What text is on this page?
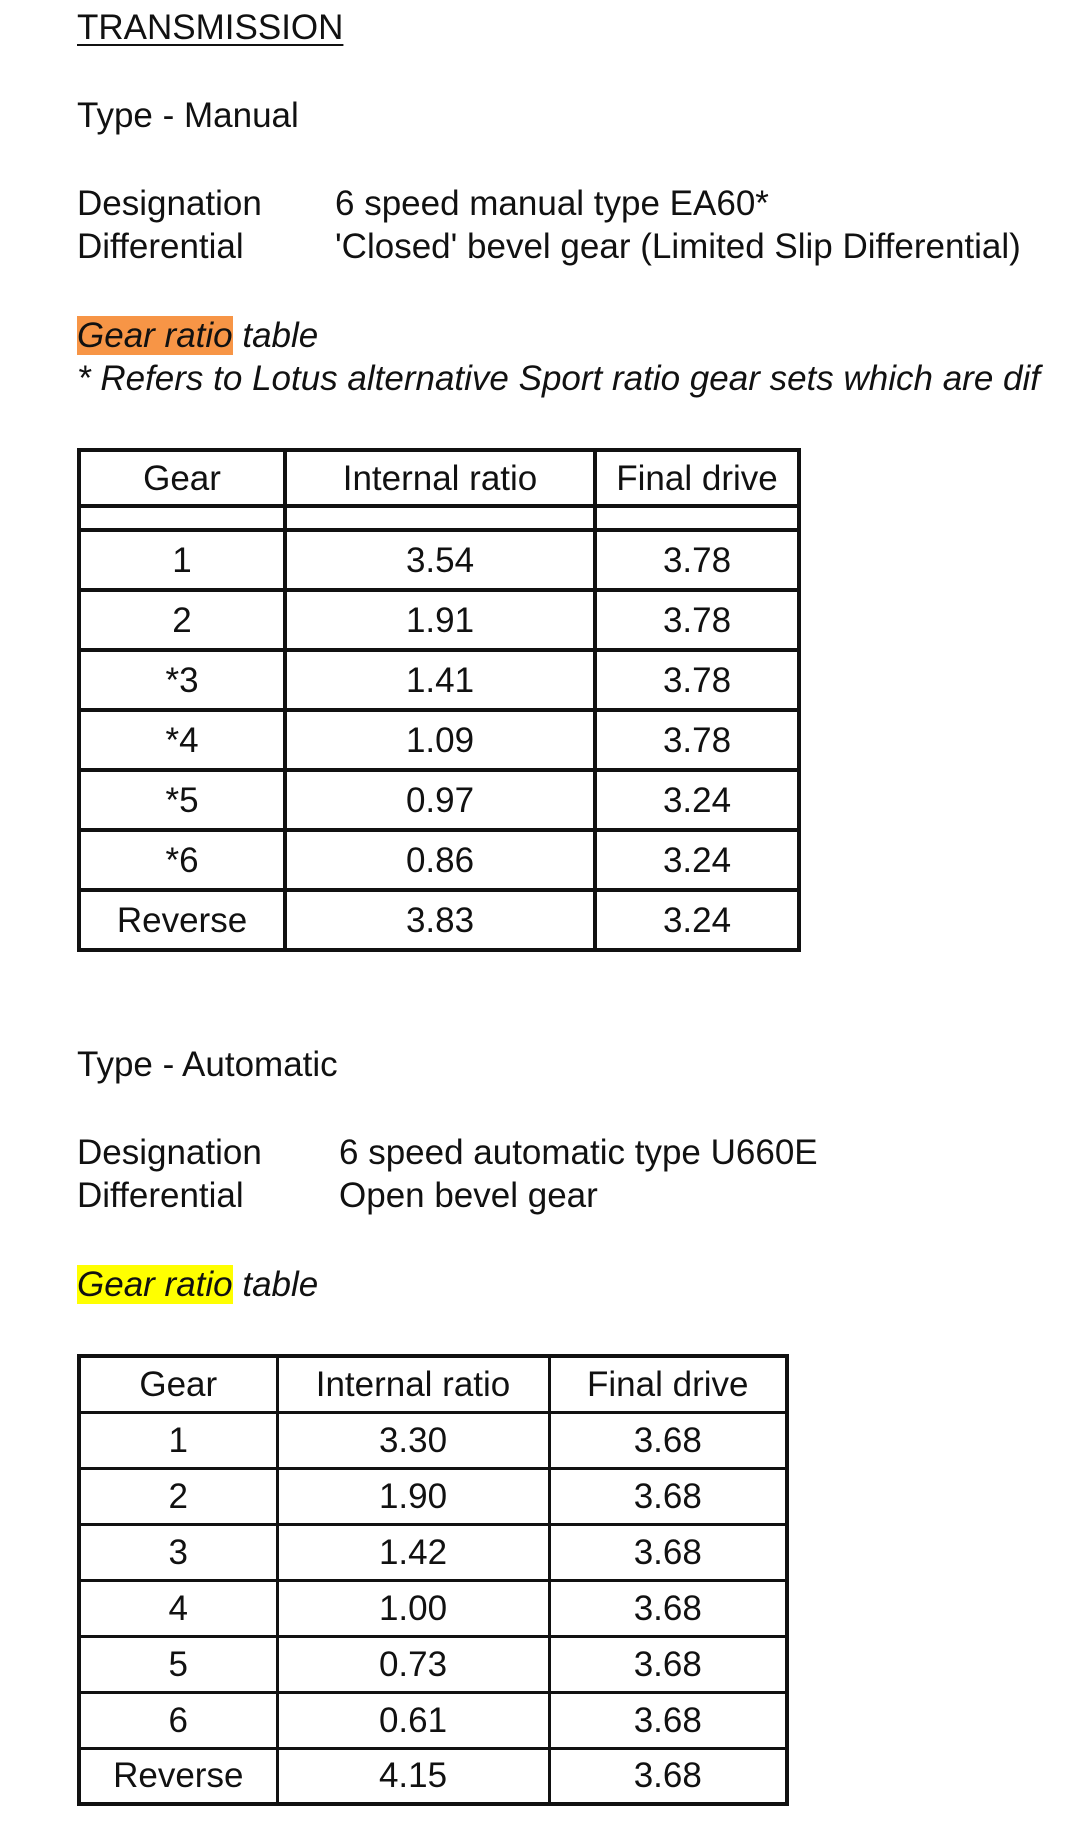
TRANSMISSION
Type - Manual
Designation 6 speed manual type EA60*
Differential	'Closed' bevel gear (Limited Slip Differential)
Gear ratio table
* Refers to Lotus alternative Sport ratio gear sets which are dif
Gear	Internal ratio	Final drive

1	3.54	3.78
2	1.91	3.78
*3	1.41	3.78
*4	1.09	3.78
*5	0.97	3.24
*6	0.86	3.24
Reverse	3.83	3.24
Type - Automatic
Designation 6 speed automatic type U660E
Differential	Open bevel gear
Gear ratio table
Gear	Internal ratio	Final drive
1	3.30	3.68
2	1.90	3.68
3	1.42	3.68
4	1.00	3.68
5	0.73	3.68
6	0.61	3.68
Reverse	4.15	3.68
